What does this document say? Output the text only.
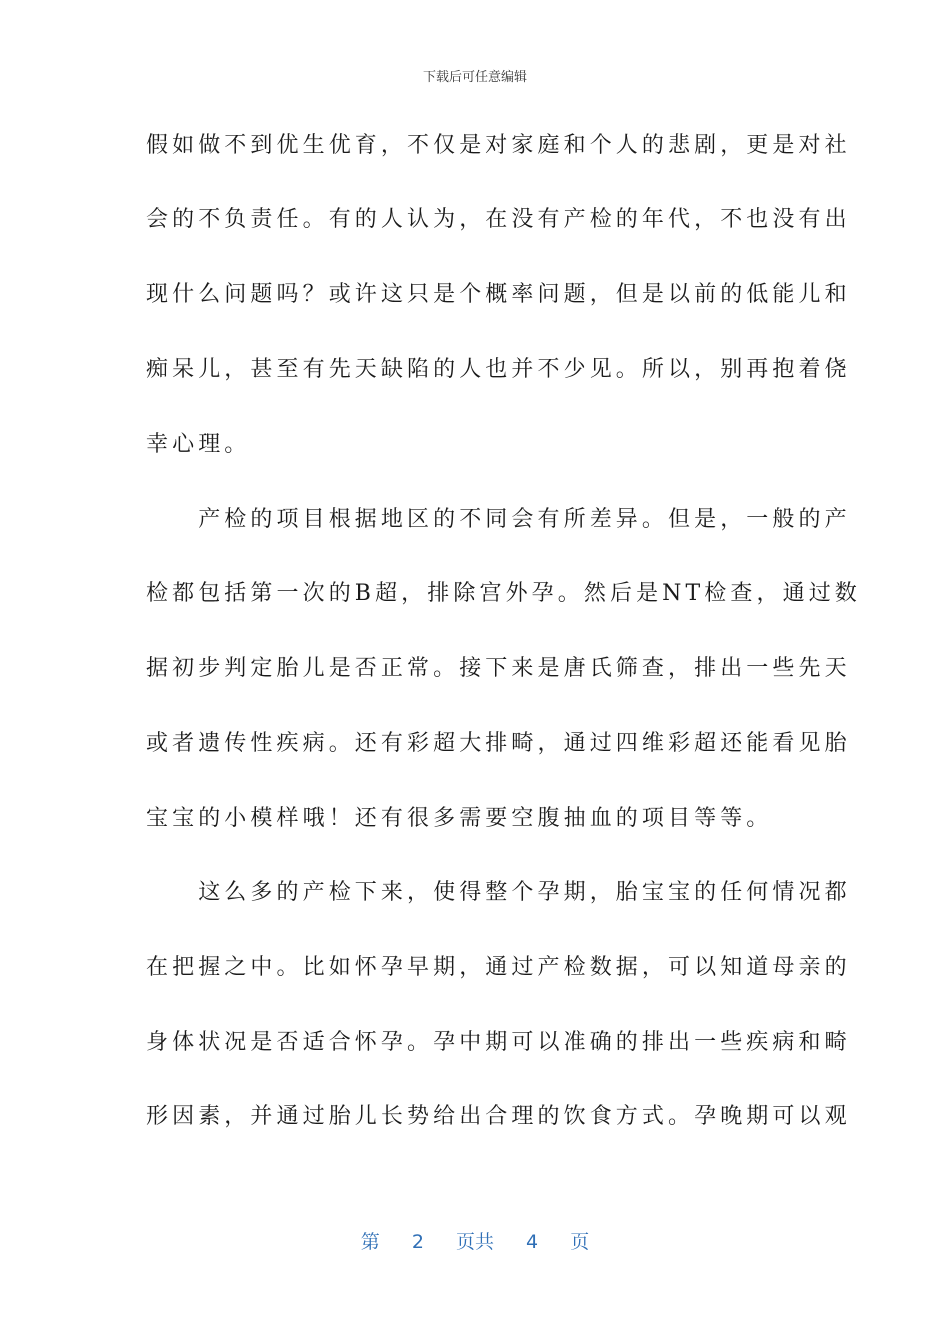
下载后可任意编辑
假如做不到优生优育，不仅是对家庭和个人的悲剧，更是对社
会的不负责任。有的人认为，在没有产检的年代，不也没有出
现什么问题吗？或许这只是个概率问题，但是以前的低能儿和
痴呆儿，甚至有先天缺陷的人也并不少见。所以，别再抱着侥
幸心理。
　　产检的项目根据地区的不同会有所差异。但是，一般的产
检都包括第一次的B超，排除宫外孕。然后是NT检查，通过数
据初步判定胎儿是否正常。接下来是唐氏筛查，排出一些先天
或者遗传性疾病。还有彩超大排畸，通过四维彩超还能看见胎
宝宝的小模样哦！还有很多需要空腹抽血的项目等等。
　　这么多的产检下来，使得整个孕期，胎宝宝的任何情况都
在把握之中。比如怀孕早期，通过产检数据，可以知道母亲的
身体状况是否适合怀孕。孕中期可以准确的排出一些疾病和畸
形因素，并通过胎儿长势给出合理的饮食方式。孕晚期可以观
第 2 页共 4 页
